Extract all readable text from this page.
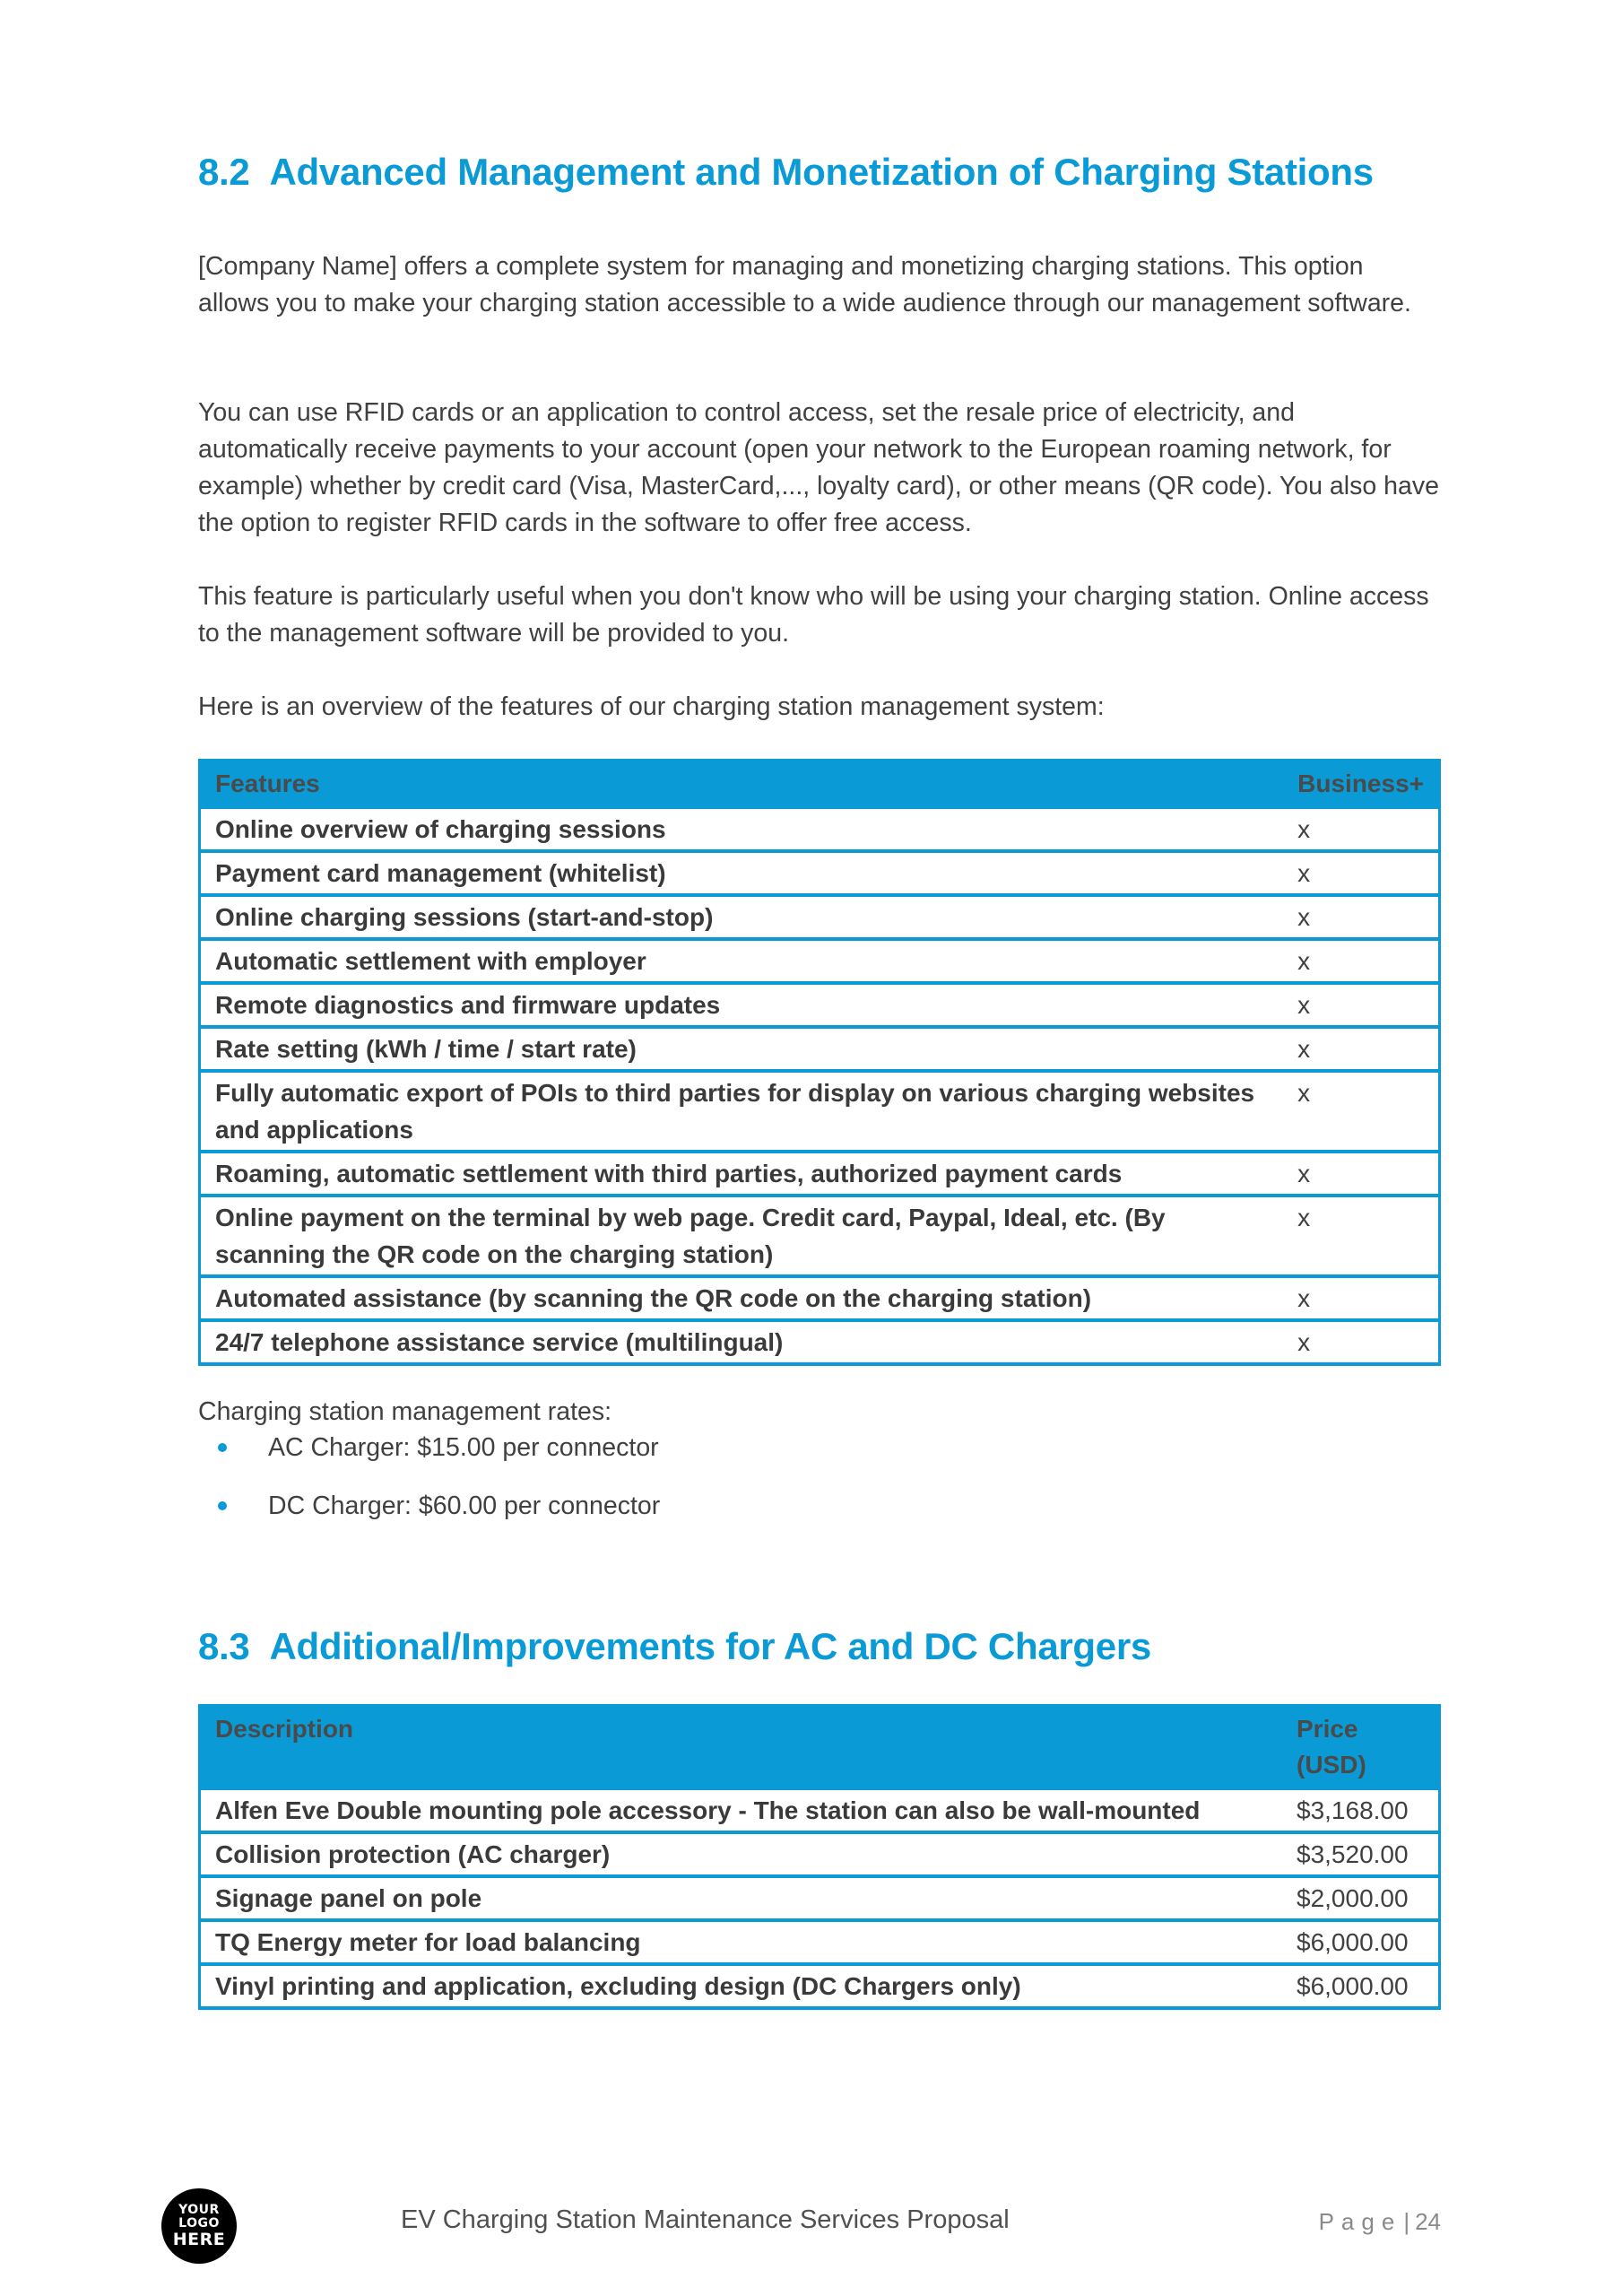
8.2 Advanced Management and Monetization of Charging Stations

[Company Name] offers a complete system for managing and monetizing charging stations. This option allows you to make your charging station accessible to a wide audience through our management software.

You can use RFID cards or an application to control access, set the resale price of electricity, and automatically receive payments to your account (open your network to the European roaming network, for example) whether by credit card (Visa, MasterCard,..., loyalty card), or other means (QR code). You also have the option to register RFID cards in the software to offer free access.

This feature is particularly useful when you don't know who will be using your charging station. Online access to the management software will be provided to you.

Here is an overview of the features of our charging station management system:

Features	Business+
Online overview of charging sessions	x
Payment card management (whitelist)	x
Online charging sessions (start-and-stop)	x
Automatic settlement with employer	x
Remote diagnostics and firmware updates	x
Rate setting (kWh / time / start rate)	x
Fully automatic export of POIs to third parties for display on various charging websites and applications	x
Roaming, automatic settlement with third parties, authorized payment cards	x
Online payment on the terminal by web page. Credit card, Paypal, Ideal, etc. (By scanning the QR code on the charging station)	x
Automated assistance (by scanning the QR code on the charging station)	x
24/7 telephone assistance service (multilingual)	x
Charging station management rates:
AC Charger: $15.00 per connector
DC Charger: $60.00 per connector
8.3 Additional/Improvements for AC and DC Chargers
Description	Price (USD)
Alfen Eve Double mounting pole accessory - The station can also be wall-mounted	$3,168.00
Collision protection (AC charger)	$3,520.00
Signage panel on pole	$2,000.00
TQ Energy meter for load balancing	$6,000.00
Vinyl printing and application, excluding design (DC Chargers only)	$6,000.00
YOUR
LOGO
HERE
EV Charging Station Maintenance Services Proposal	Page| 24
